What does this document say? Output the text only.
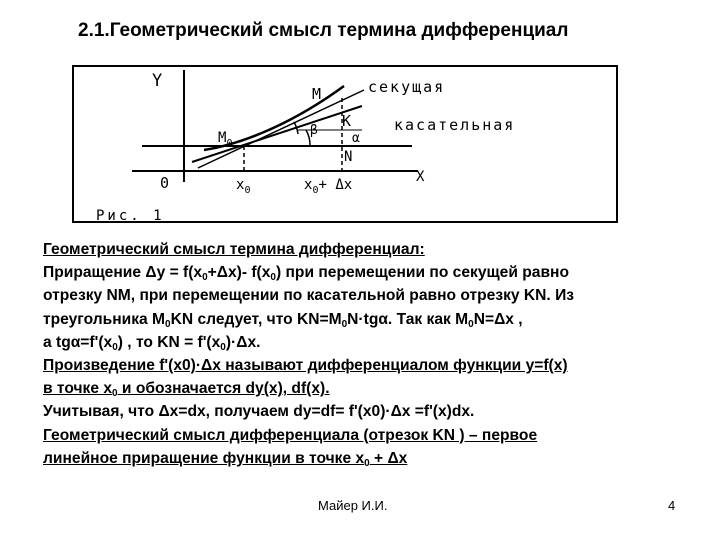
2.1.Геометрический смысл термина дифференциал
Y
X
0
M	секущая
K	касательная
β
α
N
$M_0$
$x_0$	$x_0+ \Delta x$
Рис. 1
Геометрический смысл термина дифференциал:
Приращение $\Delta y = f(x_0+\Delta x)-$ $f(x_0)$ при перемещении по секущей равно
отрезку NM, при перемещении по касательной равно отрезку KN. Из
треугольника $M_0KN$ следует, что $KN=M_0N\cdot tg\alpha$. Так как $M_0N=\Delta x$ ,
а $tg\alpha=f'(x_0)$ , то KN = $f'(x_0)\cdot\Delta x$.
Произведение f'(x0)·Δx называют дифференциалом функции y=f(x)
в точке $x_0$ и обозначается dy(x), df(x).
Учитывая, что Δx=dx, получаем dy=df= f'(x0)·Δx =f'(x)dx.
Геометрический смысл дифференциала (отрезок KN ) – первое
линейное приращение функции в точке $x_0 + \Delta x$
Майер И.И.	4
